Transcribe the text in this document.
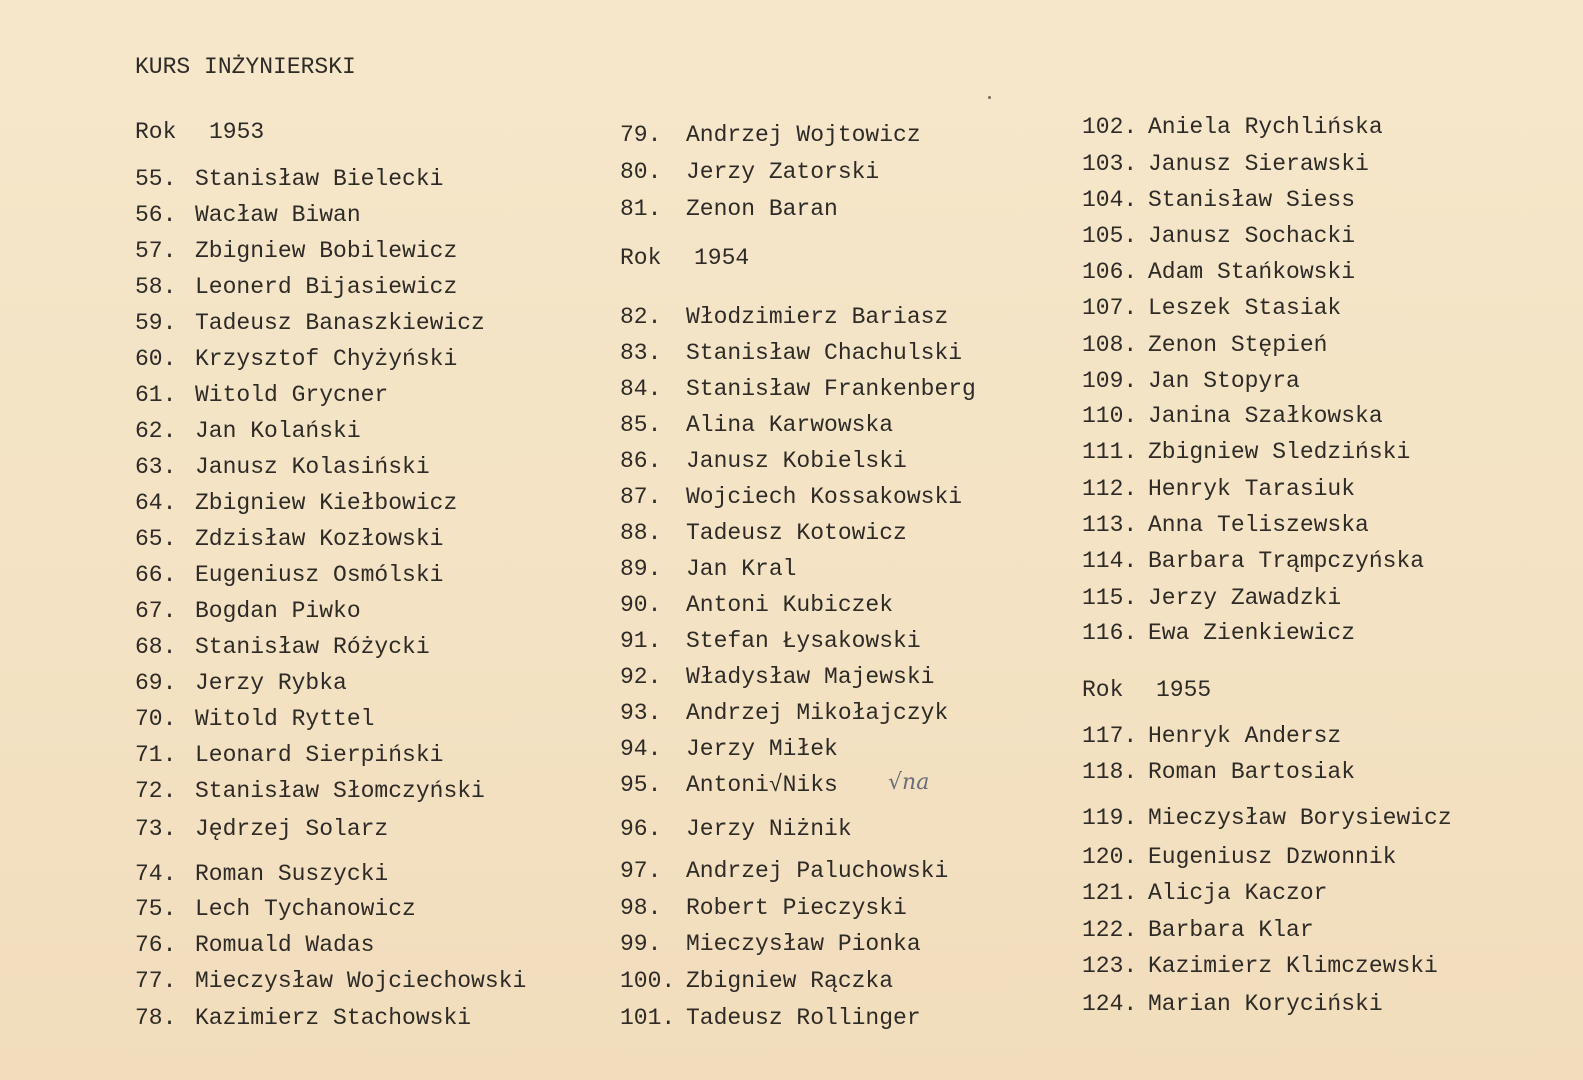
KURS INŻYNIERSKI
Rok 1953
55. Stanisław Bielecki
56. Wacław Biwan
57. Zbigniew Bobilewicz
58. Leonerd Bijasiewicz
59. Tadeusz Banaszkiewicz
60. Krzysztof Chyżyński
61. Witold Grycner
62. Jan Kolański
63. Janusz Kolasiński
64. Zbigniew Kiełbowicz
65. Zdzisław Kozłowski
66. Eugeniusz Osmólski
67. Bogdan Piwko
68. Stanisław Różycki
69. Jerzy Rybka
70. Witold Ryttel
71. Leonard Sierpiński
72. Stanisław Słomczyński
73. Jędrzej Solarz
74. Roman Suszycki
75. Lech Tychanowicz
76. Romuald Wadas
77. Mieczysław Wojciechowski
78. Kazimierz Stachowski
79. Andrzej Wojtowicz
80. Jerzy Zatorski
81. Zenon Baran
Rok 1954
82. Włodzimierz Bariasz
83. Stanisław Chachulski
84. Stanisław Frankenberg
85. Alina Karwowska
86. Janusz Kobielski
87. Wojciech Kossakowski
88. Tadeusz Kotowicz
89. Jan Kral
90. Antoni Kubiczek
91. Stefan Łysakowski
92. Władysław Majewski
93. Andrzej Mikołajczyk
94. Jerzy Miłek
95. Antoni√Niks
96. Jerzy Niżnik
97. Andrzej Paluchowski
98. Robert Pieczyski
99. Mieczysław Pionka
100. Zbigniew Rączka
101. Tadeusz Rollinger
102. Aniela Rychlińska
103. Janusz Sierawski
104. Stanisław Siess
105. Janusz Sochacki
106. Adam Stańkowski
107. Leszek Stasiak
108. Zenon Stępień
109. Jan Stopyra
110. Janina Szałkowska
111. Zbigniew Sledziński
112. Henryk Tarasiuk
113. Anna Teliszewska
114. Barbara Trąmpczyńska
115. Jerzy Zawadzki
116. Ewa Zienkiewicz
Rok 1955
117. Henryk Andersz
118. Roman Bartosiak
119. Mieczysław Borysiewicz
120. Eugeniusz Dzwonnik
121. Alicja Kaczor
122. Barbara Klar
123. Kazimierz Klimczewski
124. Marian Koryciński
√na
